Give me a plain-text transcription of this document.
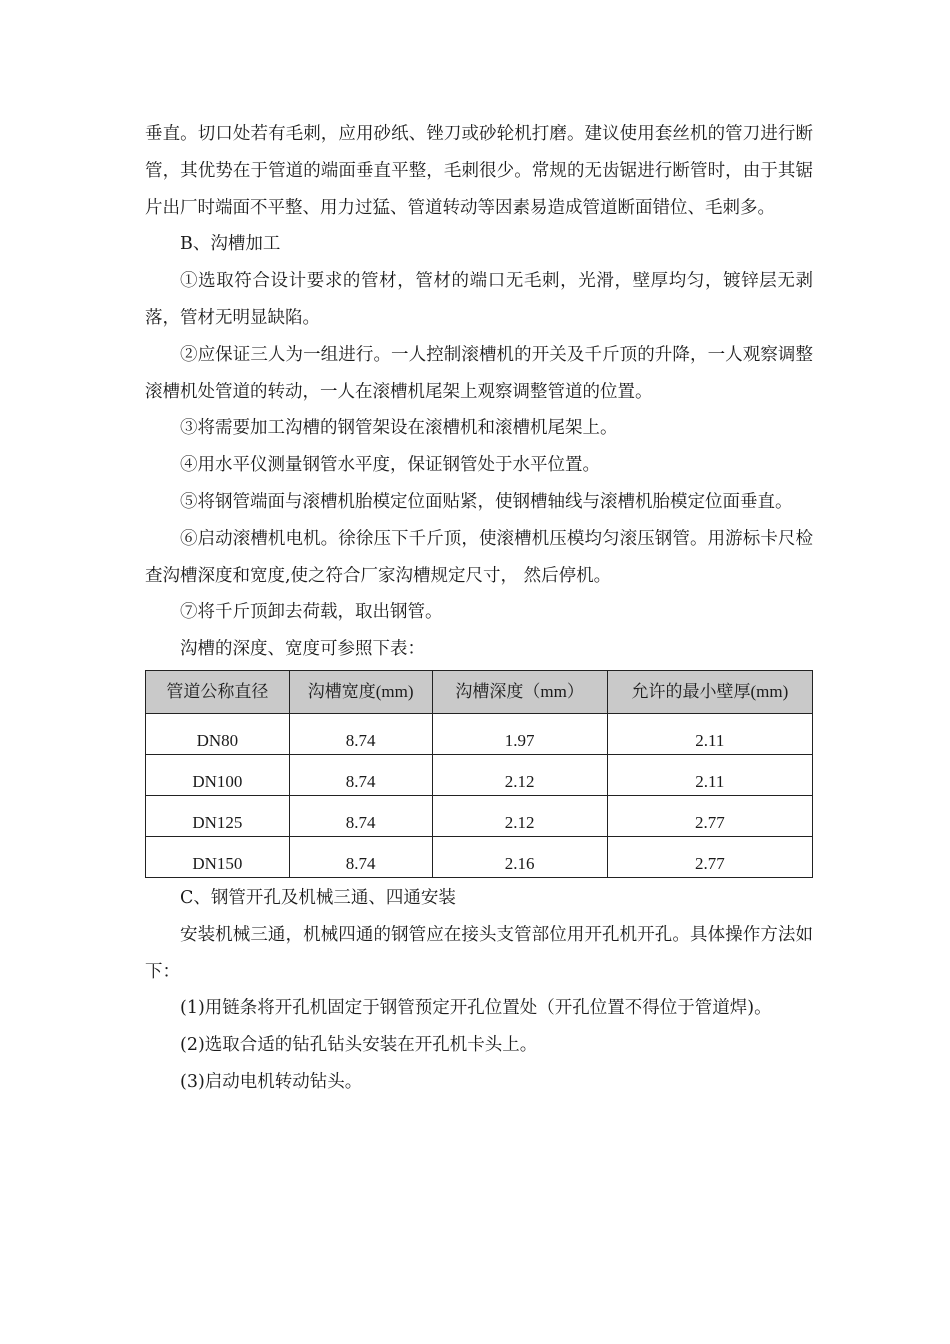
垂直。切口处若有毛刺，应用砂纸、锉刀或砂轮机打磨。建议使用套丝机的管刀进行断管，其优势在于管道的端面垂直平整，毛刺很少。常规的无齿锯进行断管时，由于其锯片出厂时端面不平整、用力过猛、管道转动等因素易造成管道断面错位、毛刺多。

B、沟槽加工

①选取符合设计要求的管材，管材的端口无毛刺，光滑，壁厚均匀，镀锌层无剥落，管材无明显缺陷。

②应保证三人为一组进行。一人控制滚槽机的开关及千斤顶的升降，一人观察调整滚槽机处管道的转动，一人在滚槽机尾架上观察调整管道的位置。

③将需要加工沟槽的钢管架设在滚槽机和滚槽机尾架上。

④用水平仪测量钢管水平度，保证钢管处于水平位置。

⑤将钢管端面与滚槽机胎模定位面贴紧，使钢槽轴线与滚槽机胎模定位面垂直。

⑥启动滚槽机电机。徐徐压下千斤顶，使滚槽机压模均匀滚压钢管。用游标卡尺检查沟槽深度和宽度,使之符合厂家沟槽规定尺寸， 然后停机。

⑦将千斤顶卸去荷载，取出钢管。

沟槽的深度、宽度可参照下表：

管道公称直径	沟槽宽度(mm)	沟槽深度（mm）	允许的最小壁厚(mm)
DN80	8.74	1.97	2.11
DN100	8.74	2.12	2.11
DN125	8.74	2.12	2.77
DN150	8.74	2.16	2.77

C、钢管开孔及机械三通、四通安装

安装机械三通，机械四通的钢管应在接头支管部位用开孔机开孔。具体操作方法如下：

(1)用链条将开孔机固定于钢管预定开孔位置处（开孔位置不得位于管道焊)。

(2)选取合适的钻孔钻头安装在开孔机卡头上。

(3)启动电机转动钻头。
